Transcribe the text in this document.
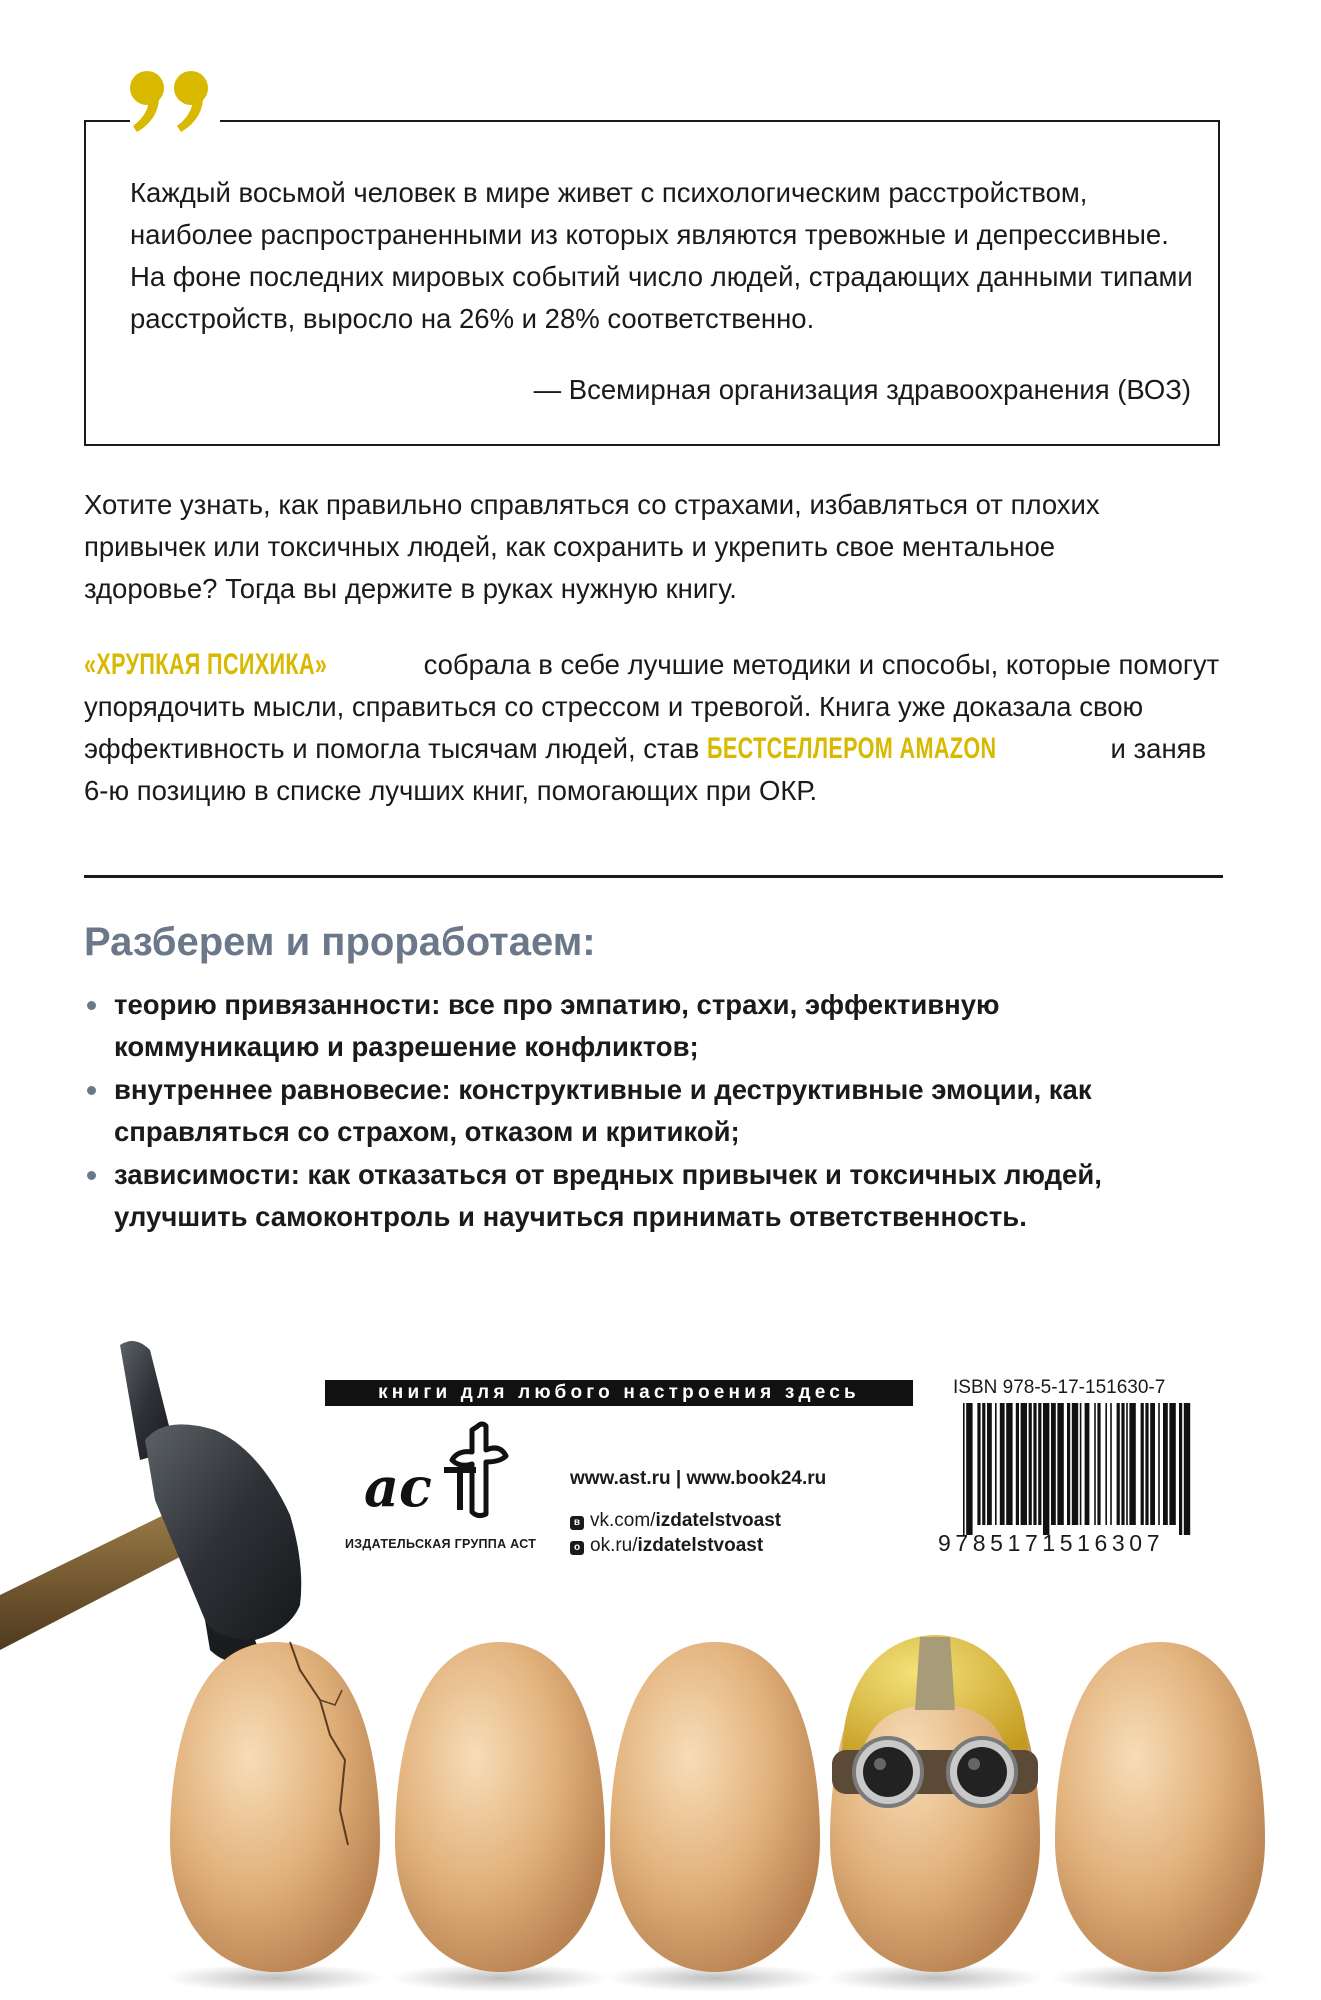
Каждый восьмой человек в мире живет с психологическим расстройством,
наиболее распространенными из которых являются тревожные и депрессивные.
На фоне последних мировых событий число людей, страдающих данными типами
расстройств, выросло на 26% и 28% соответственно.
— Всемирная организация здравоохранения (ВОЗ)
Хотите узнать, как правильно справляться со страхами, избавляться от плохих
привычек или токсичных людей, как сохранить и укрепить свое ментальное
здоровье? Тогда вы держите в руках нужную книгу.
«ХРУПКАЯ ПСИХИКА»	собрала в себе лучшие методики и способы, которые помогут
упорядочить мысли, справиться со стрессом и тревогой. Книга уже доказала свою
эффективность и помогла тысячам людей, став БЕСТСЕЛЛЕРОМ AMAZON	и заняв
6-ю позицию в списке лучших книг, помогающих при ОКР.
Разберем и проработаем:
теорию привязанности: все про эмпатию, страхи, эффективную
коммуникацию и разрешение конфликтов;
внутреннее равновесие: конструктивные и деструктивные эмоции, как
справляться со страхом, отказом и критикой;
зависимости: как отказаться от вредных привычек и токсичных людей,
улучшить самоконтроль и научиться принимать ответственность.
книги для любого настроения здесь
ac
ИЗДАТЕЛЬСКАЯ ГРУППА АСТ
www.ast.ru | www.book24.ru
в vk.com/izdatelstvoast
о ok.ru/izdatelstvoast
ISBN 978-5-17-151630-7
9785171516307
